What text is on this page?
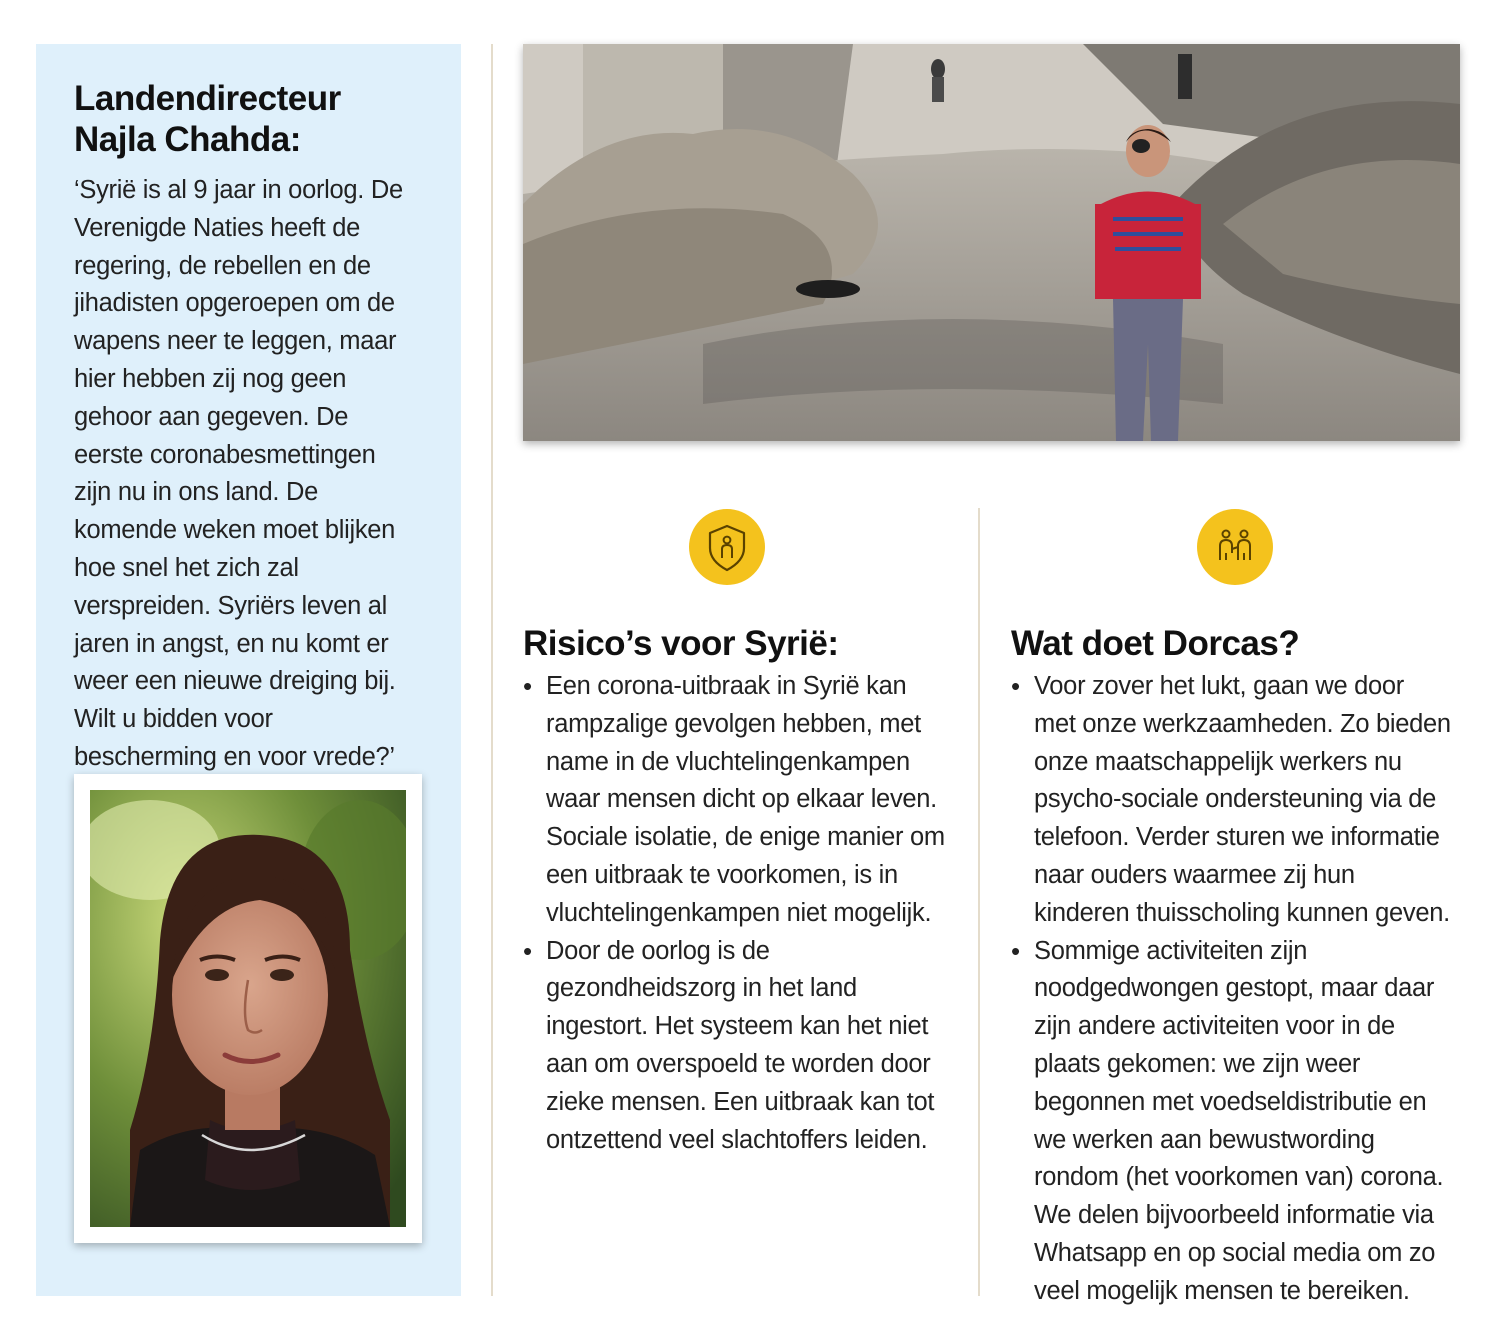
Landendirecteur
Najla Chahda:

‘Syrië is al 9 jaar in oorlog. De Verenigde Naties heeft de regering, de rebellen en de jihadisten opgeroepen om de wapens neer te leggen, maar hier hebben zij nog geen gehoor aan gegeven. De eerste coronabesmettingen zijn nu in ons land. De komende weken moet blijken hoe snel het zich zal verspreiden. Syriërs leven al jaren in angst, en nu komt er weer een nieuwe dreiging bij. Wilt u bidden voor bescherming en voor vrede?’

Risico’s voor Syrië:
• Een corona-uitbraak in Syrië kan rampzalige gevolgen hebben, met name in de vluchtelingenkampen waar mensen dicht op elkaar leven. Sociale isolatie, de enige manier om een uitbraak te voorkomen, is in vluchtelingenkampen niet mogelijk.
• Door de oorlog is de gezondheidszorg in het land ingestort. Het systeem kan het niet aan om overspoeld te worden door zieke mensen. Een uitbraak kan tot ontzettend veel slachtoffers leiden.
Wat doet Dorcas?
• Voor zover het lukt, gaan we door met onze werkzaamheden. Zo bieden onze maatschappelijk werkers nu psycho-sociale ondersteuning via de telefoon. Verder sturen we informatie naar ouders waarmee zij hun kinderen thuisscholing kunnen geven.
• Sommige activiteiten zijn noodgedwongen gestopt, maar daar zijn andere activiteiten voor in de plaats gekomen: we zijn weer begonnen met voedseldistributie en we werken aan bewustwording rondom (het voorkomen van) corona. We delen bijvoorbeeld informatie via Whatsapp en op social media om zo veel mogelijk mensen te bereiken.
